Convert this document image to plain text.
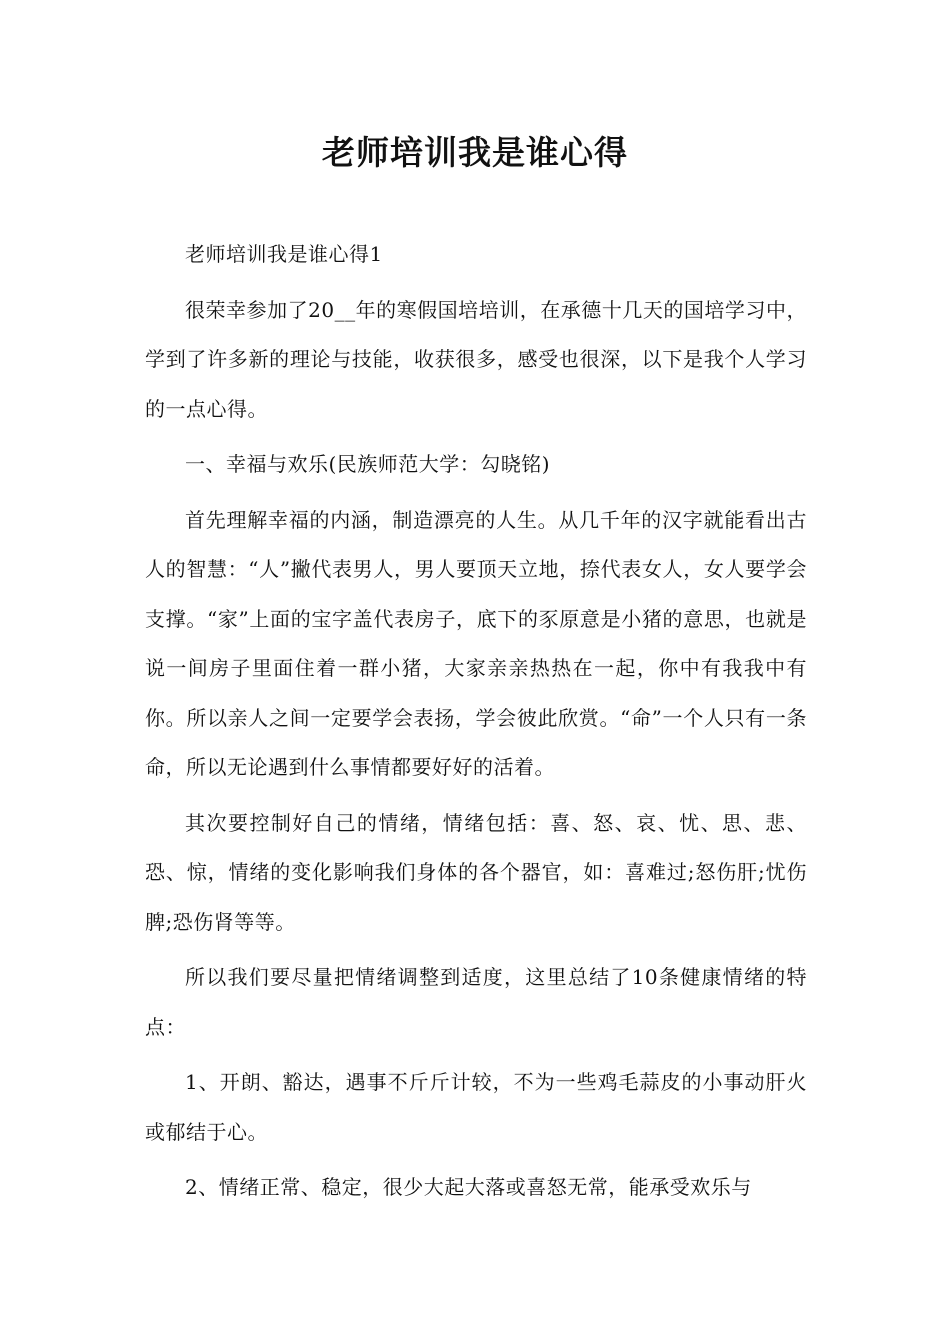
老师培训我是谁心得

老师培训我是谁心得1

很荣幸参加了20__年的寒假国培培训，在承德十几天的国培学习中，学到了许多新的理论与技能，收获很多，感受也很深，以下是我个人学习的一点心得。

一、幸福与欢乐(民族师范大学：勾晓铭)

首先理解幸福的内涵，制造漂亮的人生。从几千年的汉字就能看出古人的智慧：“人”撇代表男人，男人要顶天立地，捺代表女人，女人要学会支撑。“家”上面的宝字盖代表房子，底下的豕原意是小猪的意思，也就是说一间房子里面住着一群小猪，大家亲亲热热在一起，你中有我我中有你。所以亲人之间一定要学会表扬，学会彼此欣赏。“命”一个人只有一条命，所以无论遇到什么事情都要好好的活着。

其次要控制好自己的情绪，情绪包括：喜、怒、哀、忧、思、悲、恐、惊，情绪的变化影响我们身体的各个器官，如：喜难过;怒伤肝;忧伤脾;恐伤肾等等。

所以我们要尽量把情绪调整到适度，这里总结了10条健康情绪的特点：

1、开朗、豁达，遇事不斤斤计较，不为一些鸡毛蒜皮的小事动肝火或郁结于心。

2、情绪正常、稳定，很少大起大落或喜怒无常，能承受欢乐与
